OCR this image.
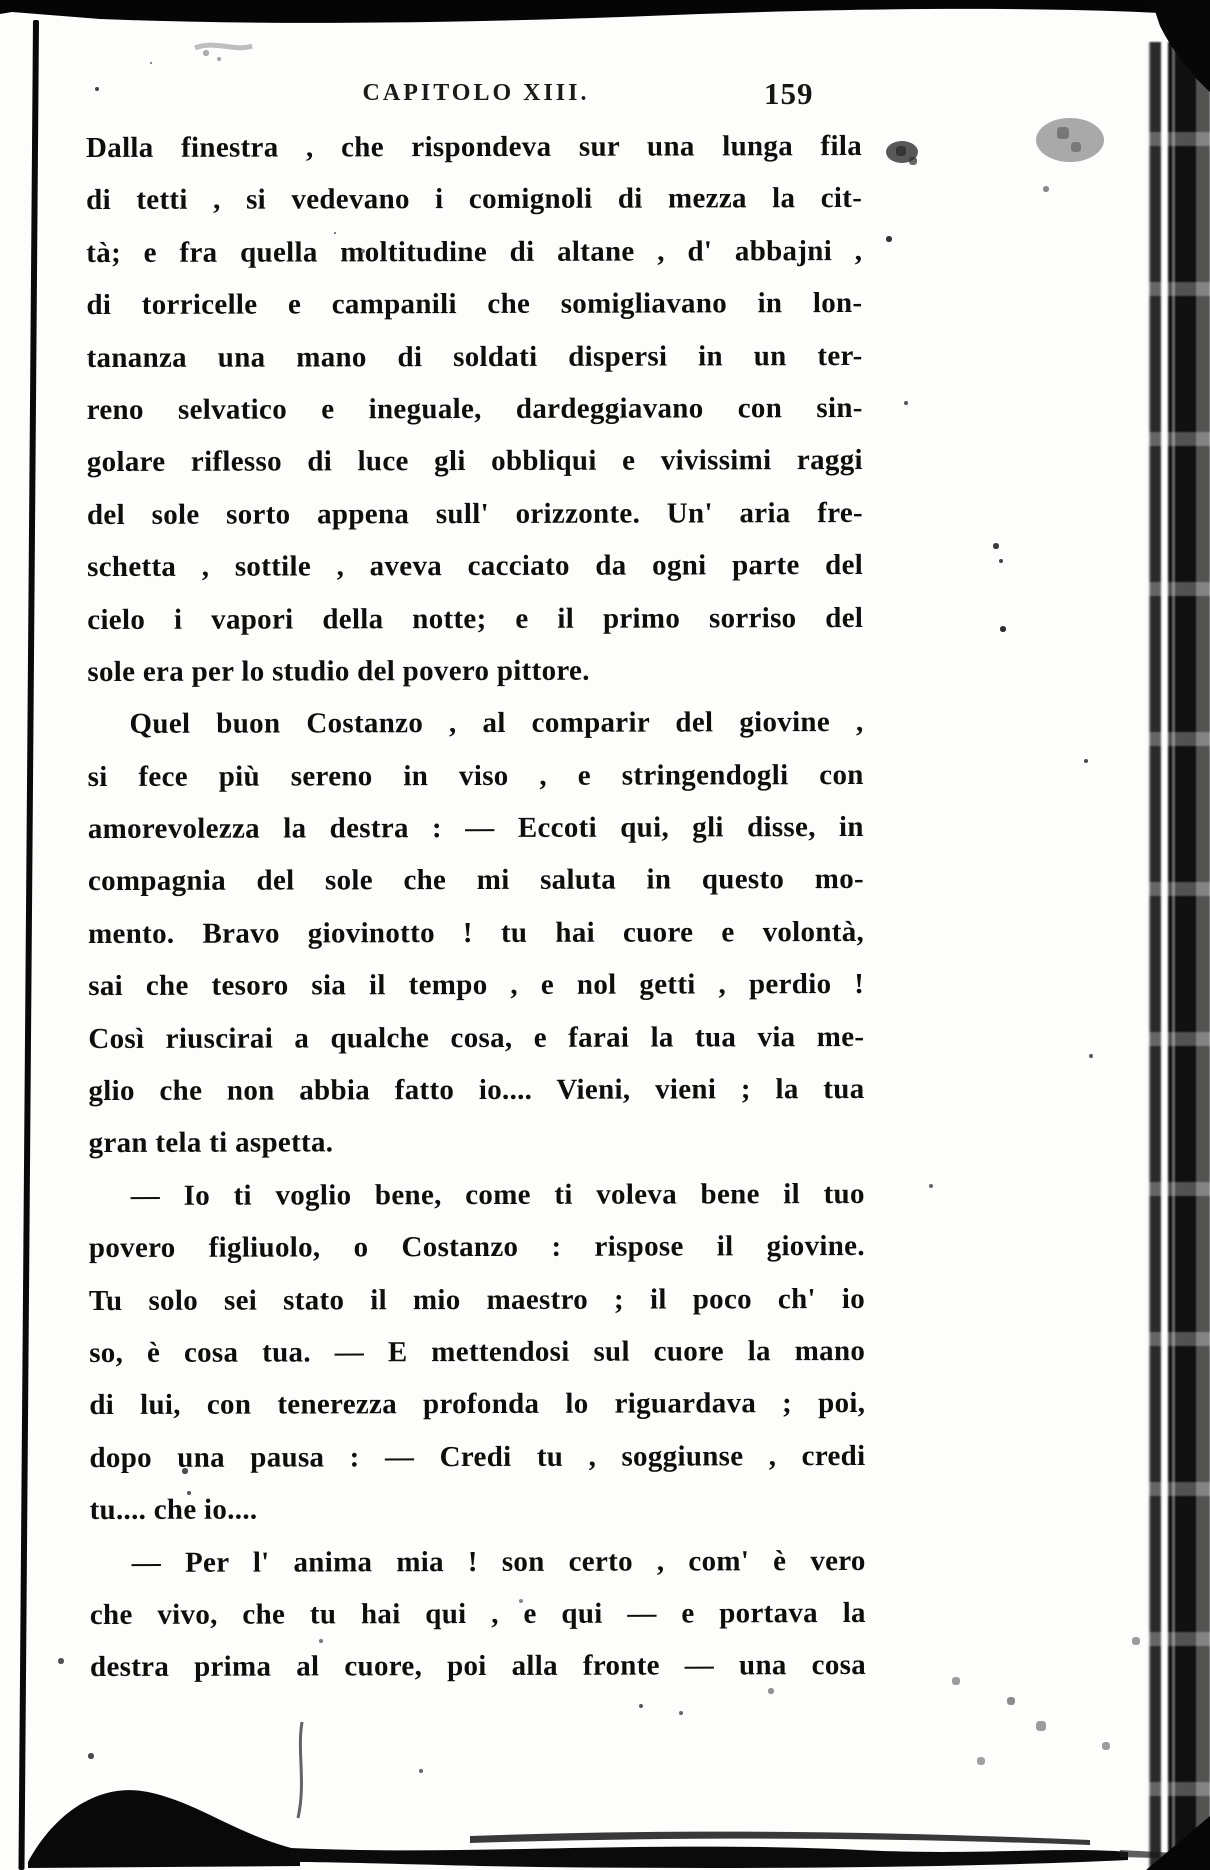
CAPITOLO XIII.	159
Dalla finestra , che rispondeva sur una lunga fila
di tetti , si vedevano i comignoli di mezza la cit-
tà; e fra quella moltitudine di altane , d' abbajni ,
di torricelle e campanili che somigliavano in lon-
tananza una mano di soldati dispersi in un ter-
reno selvatico e ineguale, dardeggiavano con sin-
golare riflesso di luce gli obbliqui e vivissimi raggi
del sole sorto appena sull' orizzonte. Un' aria fre-
schetta , sottile , aveva cacciato da ogni parte del
cielo i vapori della notte; e il primo sorriso del
sole era per lo studio del povero pittore.
Quel buon Costanzo , al comparir del giovine ,
si fece più sereno in viso , e stringendogli con
amorevolezza la destra : — Eccoti qui, gli disse, in
compagnia del sole che mi saluta in questo mo-
mento. Bravo giovinotto ! tu hai cuore e volontà,
sai che tesoro sia il tempo , e nol getti , perdio !
Così riuscirai a qualche cosa, e farai la tua via me-
glio che non abbia fatto io.... Vieni, vieni ; la tua
gran tela ti aspetta.
— Io ti voglio bene, come ti voleva bene il tuo
povero figliuolo, o Costanzo : rispose il giovine.
Tu solo sei stato il mio maestro ; il poco ch' io
so, è cosa tua. — E mettendosi sul cuore la mano
di lui, con tenerezza profonda lo riguardava ; poi,
dopo una pausa : — Credi tu , soggiunse , credi
tu.... che io....
— Per l' anima mia ! son certo , com' è vero
che vivo, che tu hai qui , e qui — e portava la
destra prima al cuore, poi alla fronte — una cosa
